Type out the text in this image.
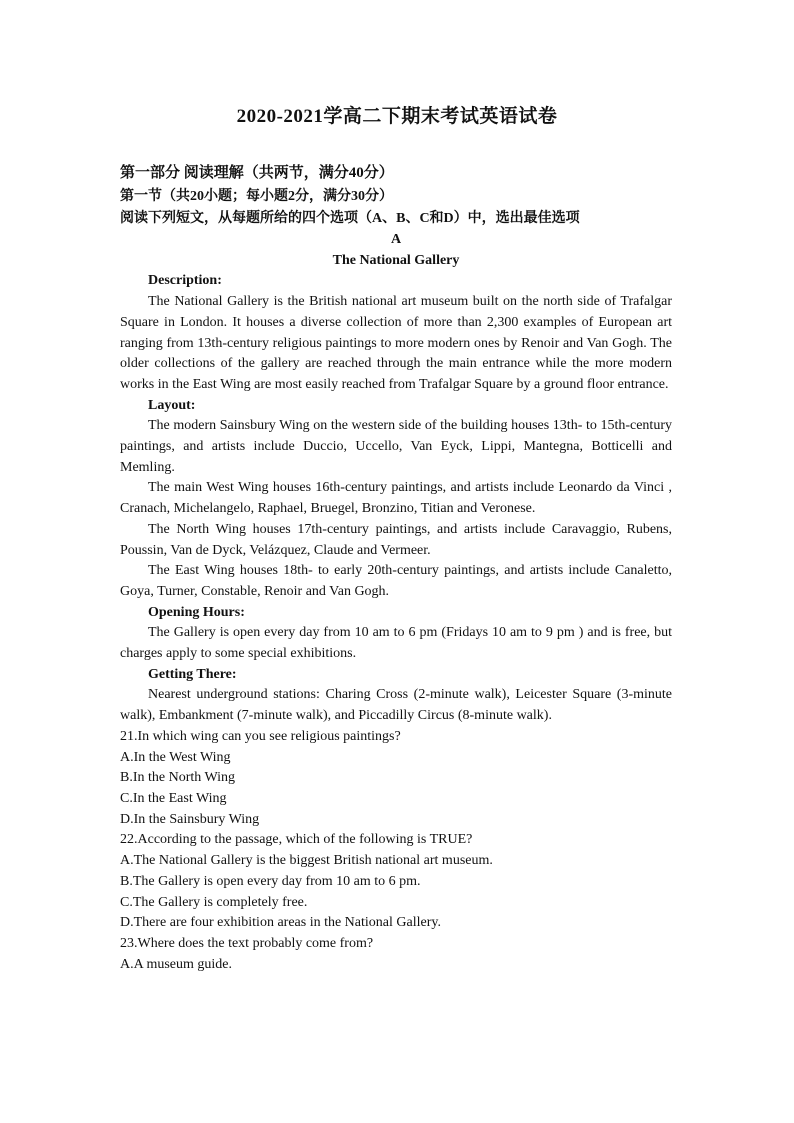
2020-2021学高二下期末考试英语试卷

第一部分 阅读理解（共两节，满分40分）

第一节（共20小题；每小题2分，满分30分）

阅读下列短文，从每题所给的四个选项（A、B、C和D）中，选出最佳选项

A

The National Gallery

Description:

The National Gallery is the British national art museum built on the north side of Trafalgar Square in London. It houses a diverse collection of more than 2,300 examples of European art ranging from 13th-century religious paintings to more modern ones by Renoir and Van Gogh. The older collections of the gallery are reached through the main entrance while the more modern works in the East Wing are most easily reached from Trafalgar Square by a ground floor entrance.

Layout:

The modern Sainsbury Wing on the western side of the building houses 13th- to 15th-century paintings, and artists include Duccio, Uccello, Van Eyck, Lippi, Mantegna, Botticelli and Memling.

The main West Wing houses 16th-century paintings, and artists include Leonardo da Vinci , Cranach, Michelangelo, Raphael, Bruegel, Bronzino, Titian and Veronese.

The North Wing houses 17th-century paintings, and artists include Caravaggio, Rubens, Poussin, Van de Dyck, Velázquez, Claude and Vermeer.

The East Wing houses 18th- to early 20th-century paintings, and artists include Canaletto, Goya, Turner, Constable, Renoir and Van Gogh.

Opening Hours:

The Gallery is open every day from 10 am to 6 pm (Fridays 10 am to 9 pm ) and is free, but charges apply to some special exhibitions.

Getting There:

Nearest underground stations: Charing Cross (2-minute walk), Leicester Square (3-minute walk), Embankment (7-minute walk), and Piccadilly Circus (8-minute walk).

21.In which wing can you see religious paintings?

A.In the West Wing

B.In the North Wing

C.In the East Wing

D.In the Sainsbury Wing

22.According to the passage, which of the following is TRUE?

A.The National Gallery is the biggest British national art museum.

B.The Gallery is open every day from 10 am to 6 pm.

C.The Gallery is completely free.

D.There are four exhibition areas in the National Gallery.

23.Where does the text probably come from?

A.A museum guide.
